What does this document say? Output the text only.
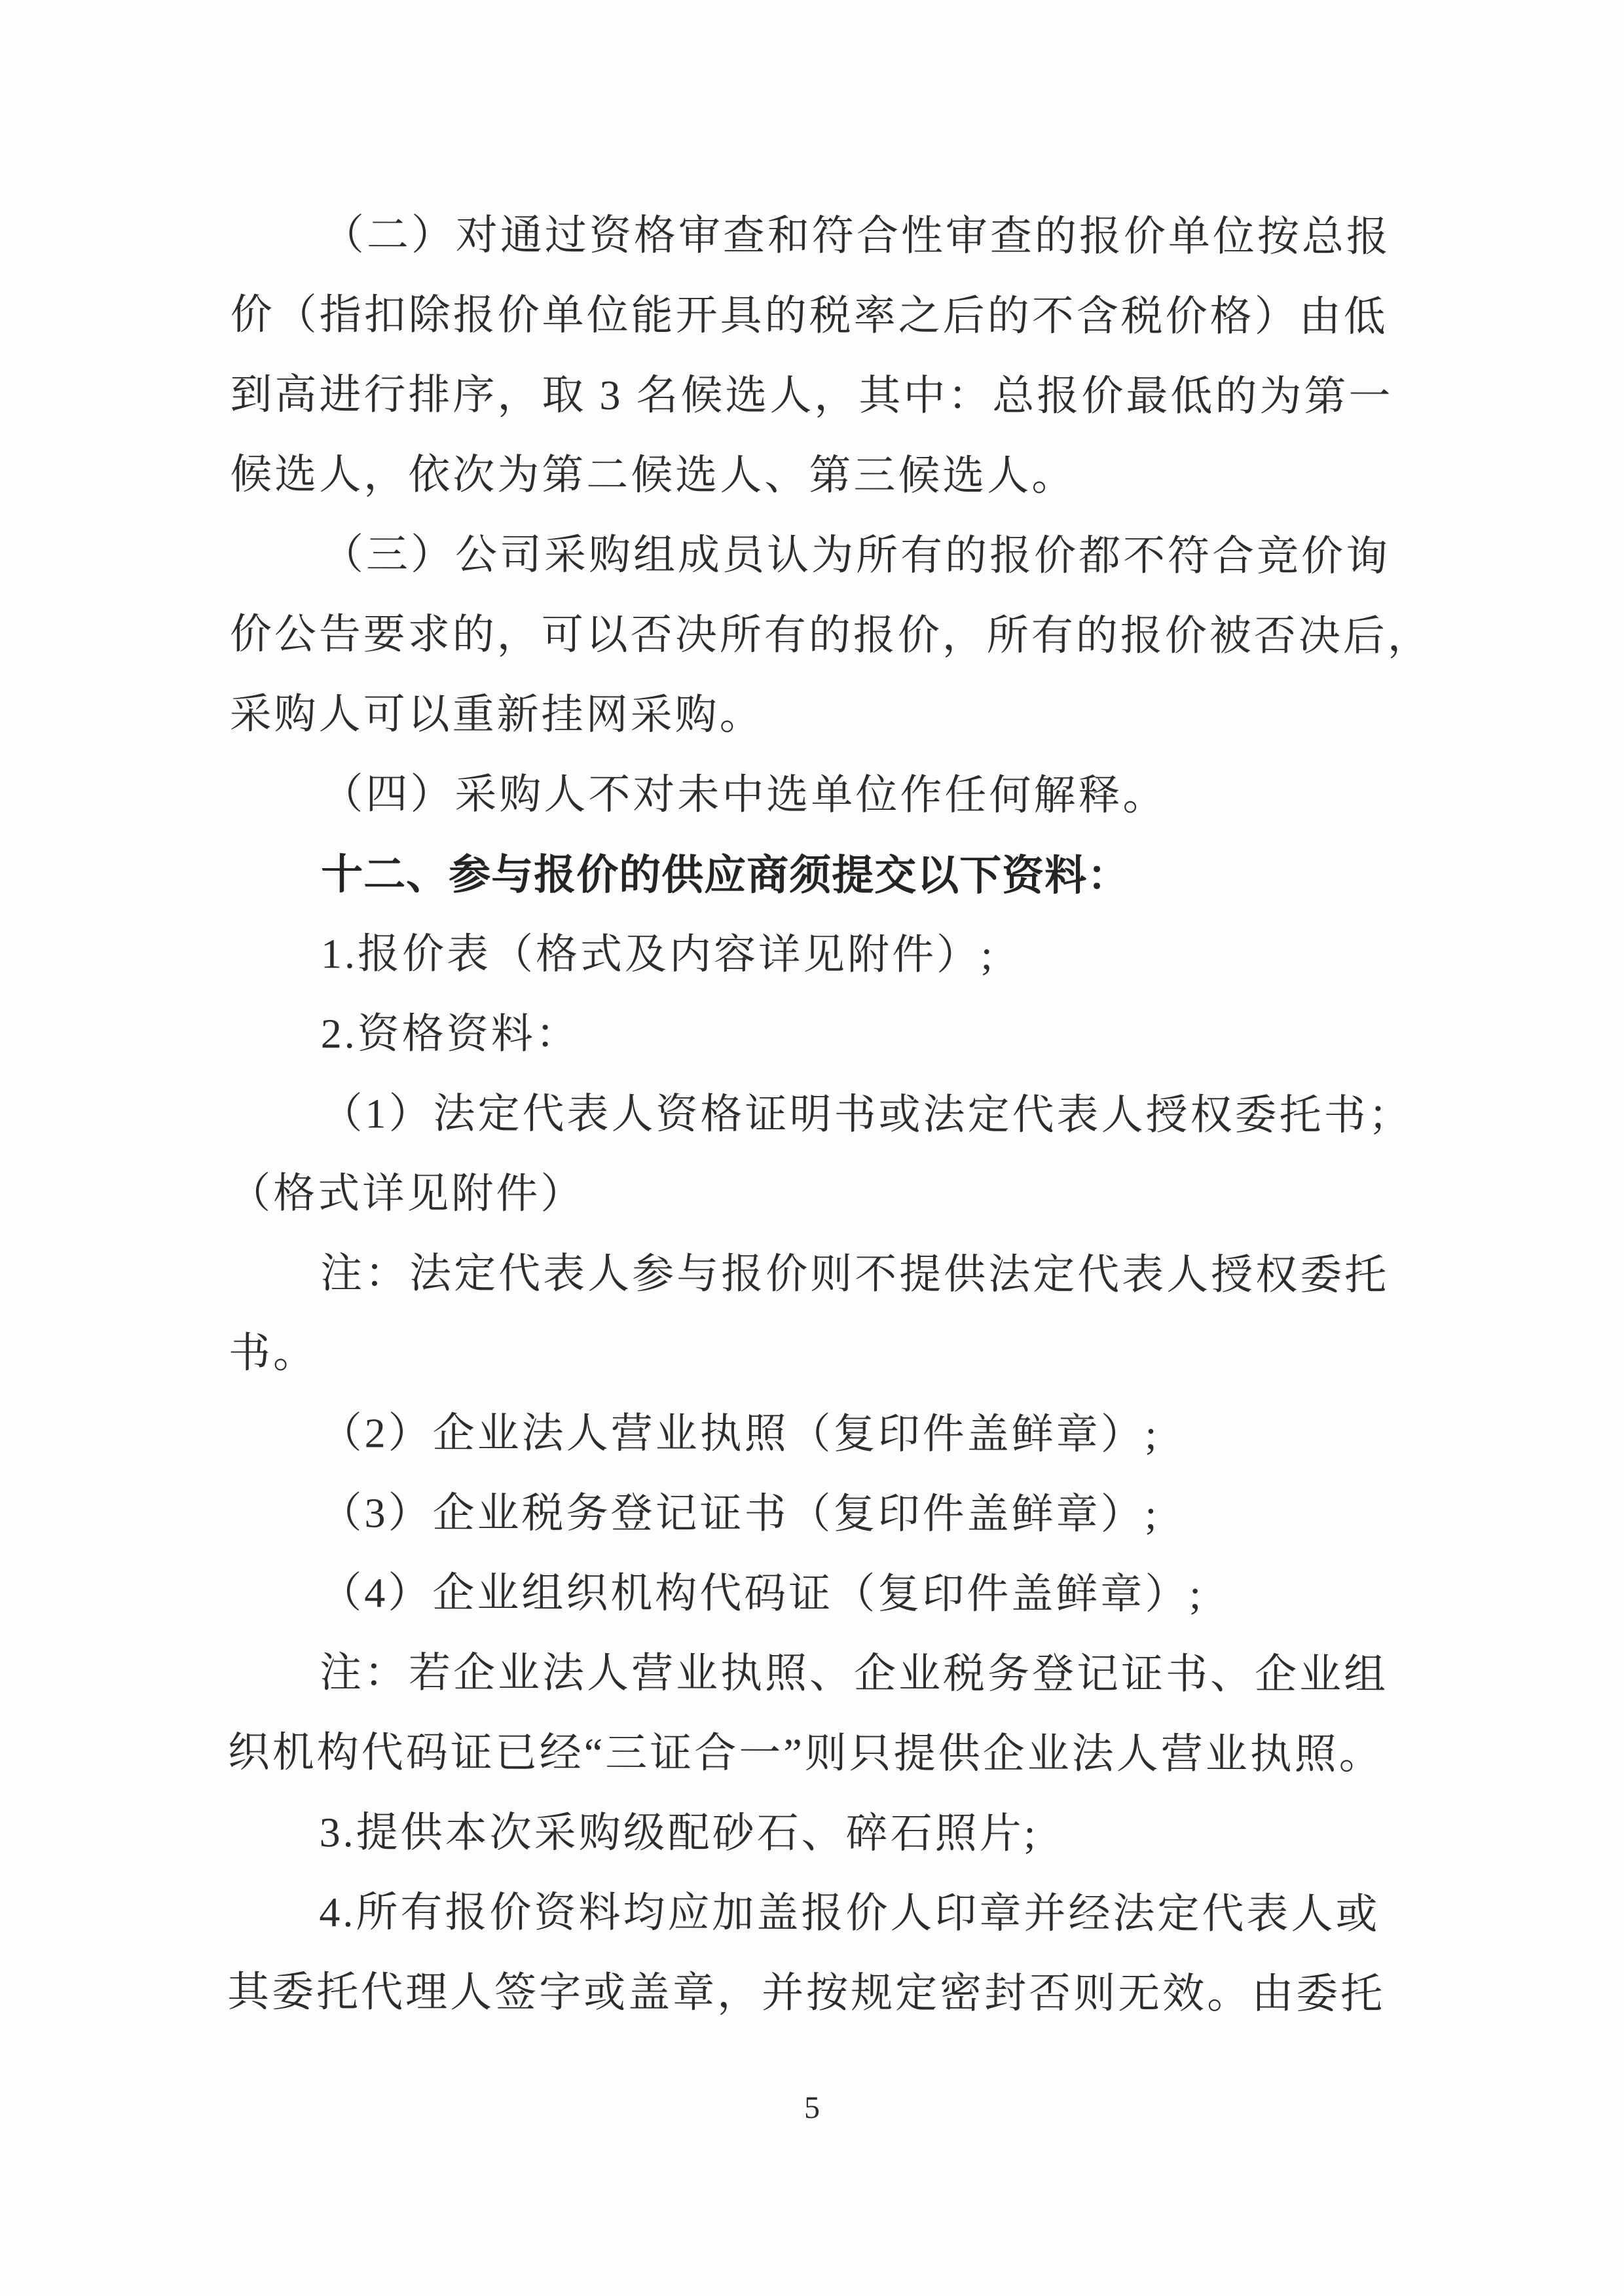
（二）对通过资格审查和符合性审查的报价单位按总报
价（指扣除报价单位能开具的税率之后的不含税价格）由低
到高进行排序，取 3 名候选人，其中：总报价最低的为第一
候选人，依次为第二候选人、第三候选人。
（三）公司采购组成员认为所有的报价都不符合竞价询
价公告要求的，可以否决所有的报价，所有的报价被否决后，
采购人可以重新挂网采购。
（四）采购人不对未中选单位作任何解释。
十二、参与报价的供应商须提交以下资料：
1.报价表（格式及内容详见附件）;
2.资格资料：
（1）法定代表人资格证明书或法定代表人授权委托书；
（格式详见附件）
注：法定代表人参与报价则不提供法定代表人授权委托
书。
（2）企业法人营业执照（复印件盖鲜章）;
（3）企业税务登记证书（复印件盖鲜章）;
（4）企业组织机构代码证（复印件盖鲜章）;
注：若企业法人营业执照、企业税务登记证书、企业组
织机构代码证已经“三证合一”则只提供企业法人营业执照。
3.提供本次采购级配砂石、碎石照片;
4.所有报价资料均应加盖报价人印章并经法定代表人或
其委托代理人签字或盖章，并按规定密封否则无效。由委托
5
